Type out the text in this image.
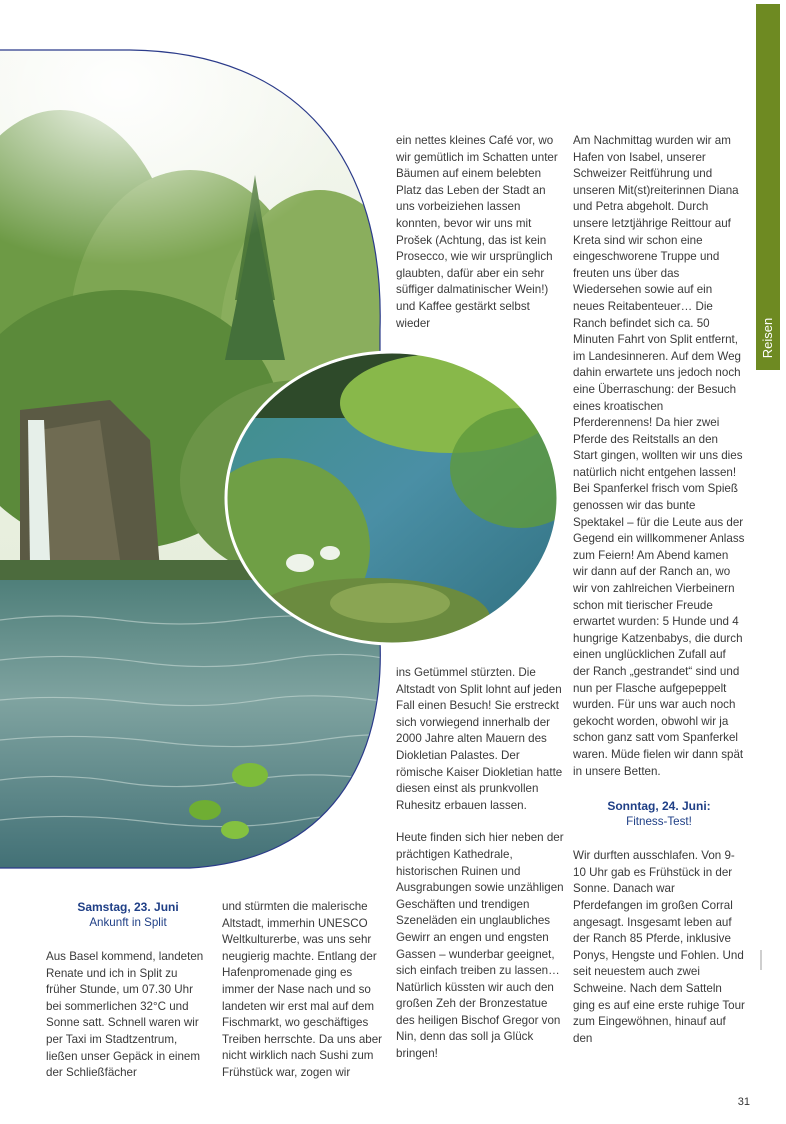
Reisen

ein nettes kleines Café vor, wo wir gemütlich im Schatten unter Bäumen auf einem belebten Platz das Leben der Stadt an uns vorbeiziehen lassen konnten, bevor wir uns mit Prošek (Achtung, das ist kein Prosecco, wie wir ursprünglich glaubten, dafür aber ein sehr süffiger dalmatinischer Wein!) und Kaffee gestärkt selbst wieder

ins Getümmel stürzten. Die Altstadt von Split lohnt auf jeden Fall einen Besuch! Sie erstreckt sich vorwiegend innerhalb der 2000 Jahre alten Mauern des Diokletian Palastes. Der römische Kaiser Diokletian hatte diesen einst als prunkvollen Ruhesitz erbauen lassen.

Heute finden sich hier neben der prächtigen Kathedrale, historischen Ruinen und Ausgrabungen sowie unzähligen Geschäften und trendigen Szeneläden ein unglaubliches Gewirr an engen und engsten Gassen – wunderbar geeignet, sich einfach treiben zu lassen… Natürlich küssten wir auch den großen Zeh der Bronzestatue des heiligen Bischof Gregor von Nin, denn das soll ja Glück bringen!

Am Nachmittag wurden wir am Hafen von Isabel, unserer Schweizer Reitführung und unseren Mit(st)reiterinnen Diana und Petra abgeholt. Durch unsere letztjährige Reittour auf Kreta sind wir schon eine eingeschworene Truppe und freuten uns über das Wiedersehen sowie auf ein neues Reitabenteuer… Die Ranch befindet sich ca. 50 Minuten Fahrt von Split entfernt, im Landesinneren. Auf dem Weg dahin erwartete uns jedoch noch eine Überraschung: der Besuch eines kroatischen Pferderennens! Da hier zwei Pferde des Reitstalls an den Start gingen, wollten wir uns dies natürlich nicht entgehen lassen! Bei Spanferkel frisch vom Spieß genossen wir das bunte Spektakel – für die Leute aus der Gegend ein willkommener Anlass zum Feiern! Am Abend kamen wir dann auf der Ranch an, wo wir von zahlreichen Vierbeinern schon mit tierischer Freude erwartet wurden: 5 Hunde und 4 hungrige Katzenbabys, die durch einen unglücklichen Zufall auf der Ranch „gestrandet“ sind und nun per Flasche aufgepeppelt wurden. Für uns war auch noch gekocht worden, obwohl wir ja schon ganz satt vom Spanferkel waren. Müde fielen wir dann spät in unsere Betten.

Sonntag, 24. Juni:
Fitness-Test!

Wir durften ausschlafen. Von 9-10 Uhr gab es Frühstück in der Sonne. Danach war Pferdefangen im großen Corral angesagt. Insgesamt leben auf der Ranch 85 Pferde, inklusive Ponys, Hengste und Fohlen. Und seit neuestem auch zwei Schweine. Nach dem Satteln ging es auf eine erste ruhige Tour zum Eingewöhnen, hinauf auf den

Samstag, 23. Juni
Ankunft in Split

Aus Basel kommend, landeten Renate und ich in Split zu früher Stunde, um 07.30 Uhr bei sommerlichen 32°C und Sonne satt. Schnell waren wir per Taxi im Stadtzentrum, ließen unser Gepäck in einem der Schließfächer

und stürmten die malerische Altstadt, immerhin UNESCO Weltkulturerbe, was uns sehr neugierig machte. Entlang der Hafenpromenade ging es immer der Nase nach und so landeten wir erst mal auf dem Fischmarkt, wo geschäftiges Treiben herrschte. Da uns aber nicht wirklich nach Sushi zum Frühstück war, zogen wir

31
